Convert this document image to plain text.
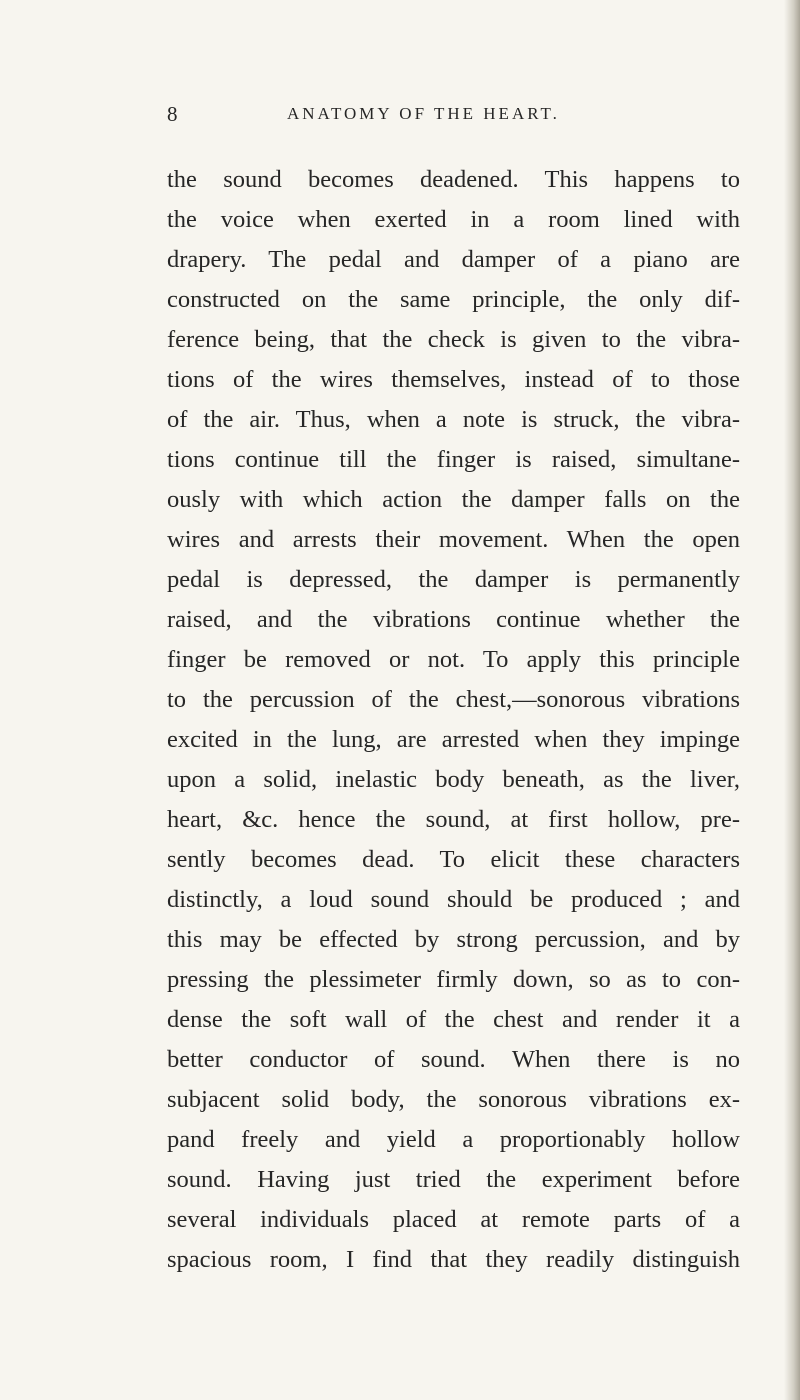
8	ANATOMY OF THE HEART.
the sound becomes deadened. This happens to
the voice when exerted in a room lined with
drapery. The pedal and damper of a piano are
constructed on the same principle, the only dif-
ference being, that the check is given to the vibra-
tions of the wires themselves, instead of to those
of the air. Thus, when a note is struck, the vibra-
tions continue till the finger is raised, simultane-
ously with which action the damper falls on the
wires and arrests their movement. When the open
pedal is depressed, the damper is permanently
raised, and the vibrations continue whether the
finger be removed or not. To apply this principle
to the percussion of the chest,—sonorous vibrations
excited in the lung, are arrested when they impinge
upon a solid, inelastic body beneath, as the liver,
heart, &c. hence the sound, at first hollow, pre-
sently becomes dead. To elicit these characters
distinctly, a loud sound should be produced ; and
this may be effected by strong percussion, and by
pressing the plessimeter firmly down, so as to con-
dense the soft wall of the chest and render it a
better conductor of sound. When there is no
subjacent solid body, the sonorous vibrations ex-
pand freely and yield a proportionably hollow
sound. Having just tried the experiment before
several individuals placed at remote parts of a
spacious room, I find that they readily distinguish
